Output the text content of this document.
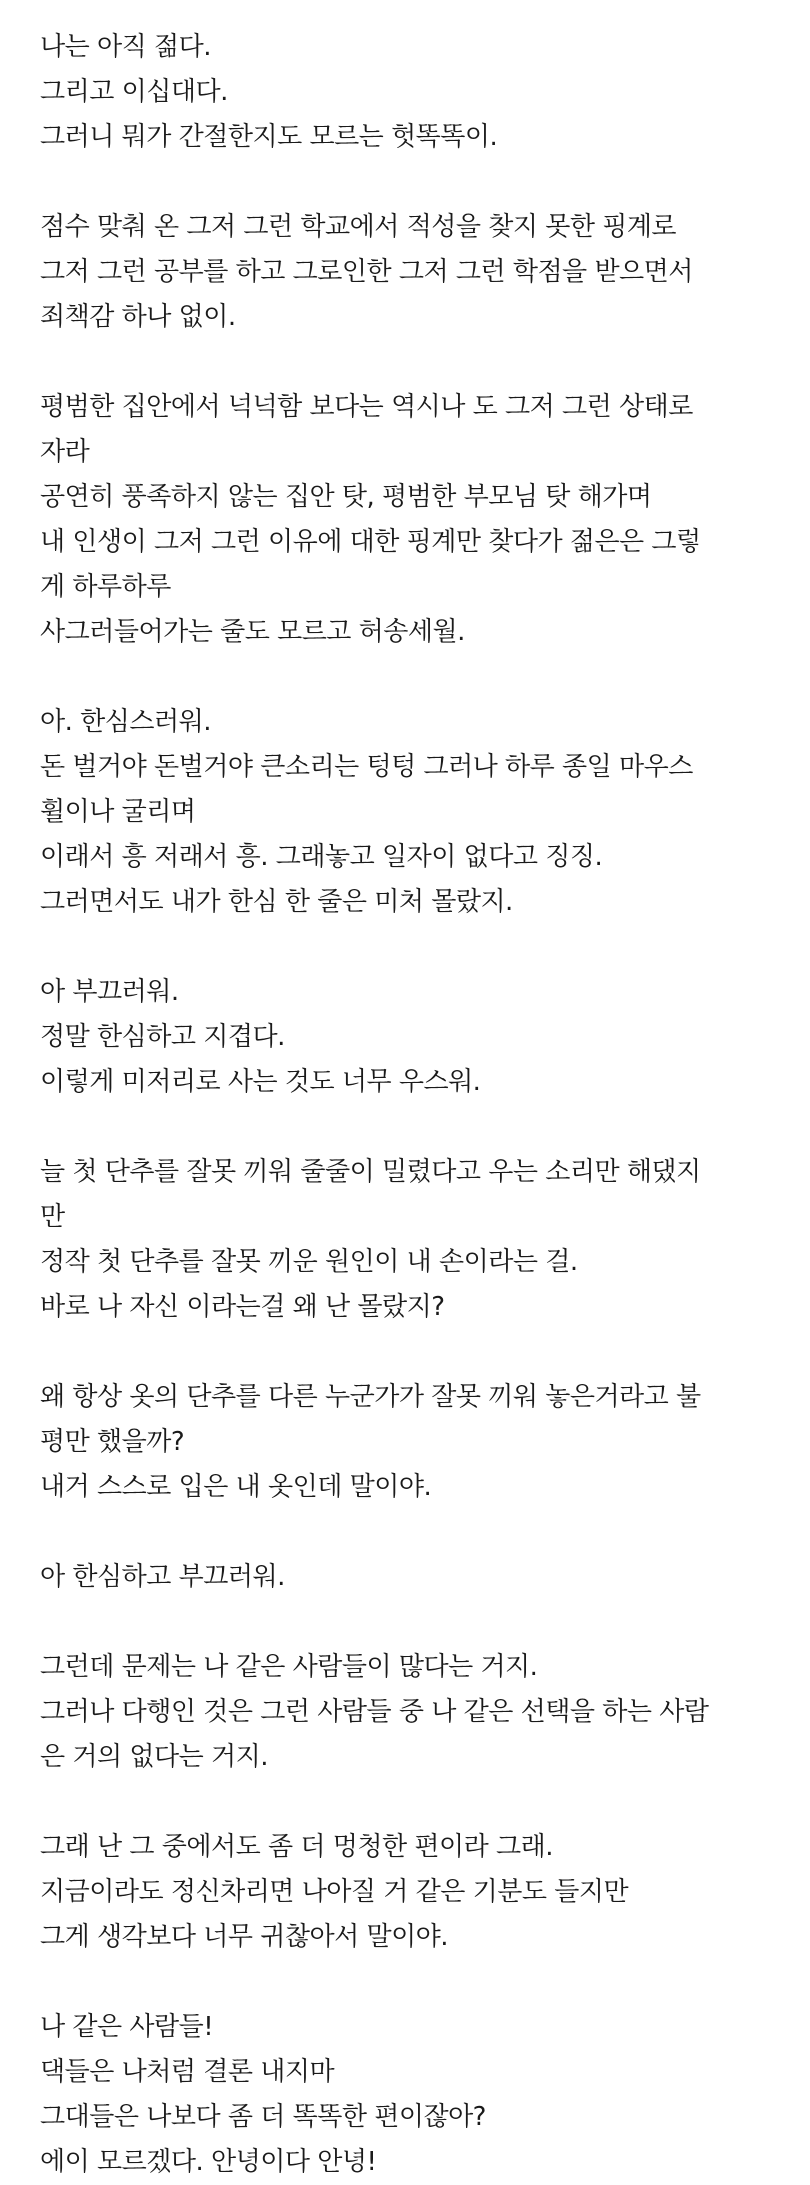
나는 아직 젊다.
그리고 이십대다.
그러니 뭐가 간절한지도 모르는 헛똑똑이.
점수 맞춰 온 그저 그런 학교에서 적성을 찾지 못한 핑계로
그저 그런 공부를 하고 그로인한 그저 그런 학점을 받으면서
죄책감 하나 없이.
평범한 집안에서 넉넉함 보다는 역시나 도 그저 그런 상태로
자라
공연히 풍족하지 않는 집안 탓, 평범한 부모님 탓 해가며
내 인생이 그저 그런 이유에 대한 핑계만 찾다가 젊은은 그렇
게 하루하루
사그러들어가는 줄도 모르고 허송세월.
아. 한심스러워.
돈 벌거야 돈벌거야 큰소리는 텅텅 그러나 하루 종일 마우스
휠이나 굴리며
이래서 흥 저래서 흥. 그래놓고 일자이 없다고 징징.
그러면서도 내가 한심 한 줄은 미처 몰랐지.
아 부끄러워.
정말 한심하고 지겹다.
이렇게 미저리로 사는 것도 너무 우스워.
늘 첫 단추를 잘못 끼워 줄줄이 밀렸다고 우는 소리만 해댔지
만
정작 첫 단추를 잘못 끼운 원인이 내 손이라는 걸.
바로 나 자신 이라는걸 왜 난 몰랐지?
왜 항상 옷의 단추를 다른 누군가가 잘못 끼워 놓은거라고 불
평만 했을까?
내거 스스로 입은 내 옷인데 말이야.
아 한심하고 부끄러워.
그런데 문제는 나 같은 사람들이 많다는 거지.
그러나 다행인 것은 그런 사람들 중 나 같은 선택을 하는 사람
은 거의 없다는 거지.
그래 난 그 중에서도 좀 더 멍청한 편이라 그래.
지금이라도 정신차리면 나아질 거 같은 기분도 들지만
그게 생각보다 너무 귀찮아서 말이야.
나 같은 사람들!
댁들은 나처럼 결론 내지마
그대들은 나보다 좀 더 똑똑한 편이잖아?
에이 모르겠다. 안녕이다 안녕!
